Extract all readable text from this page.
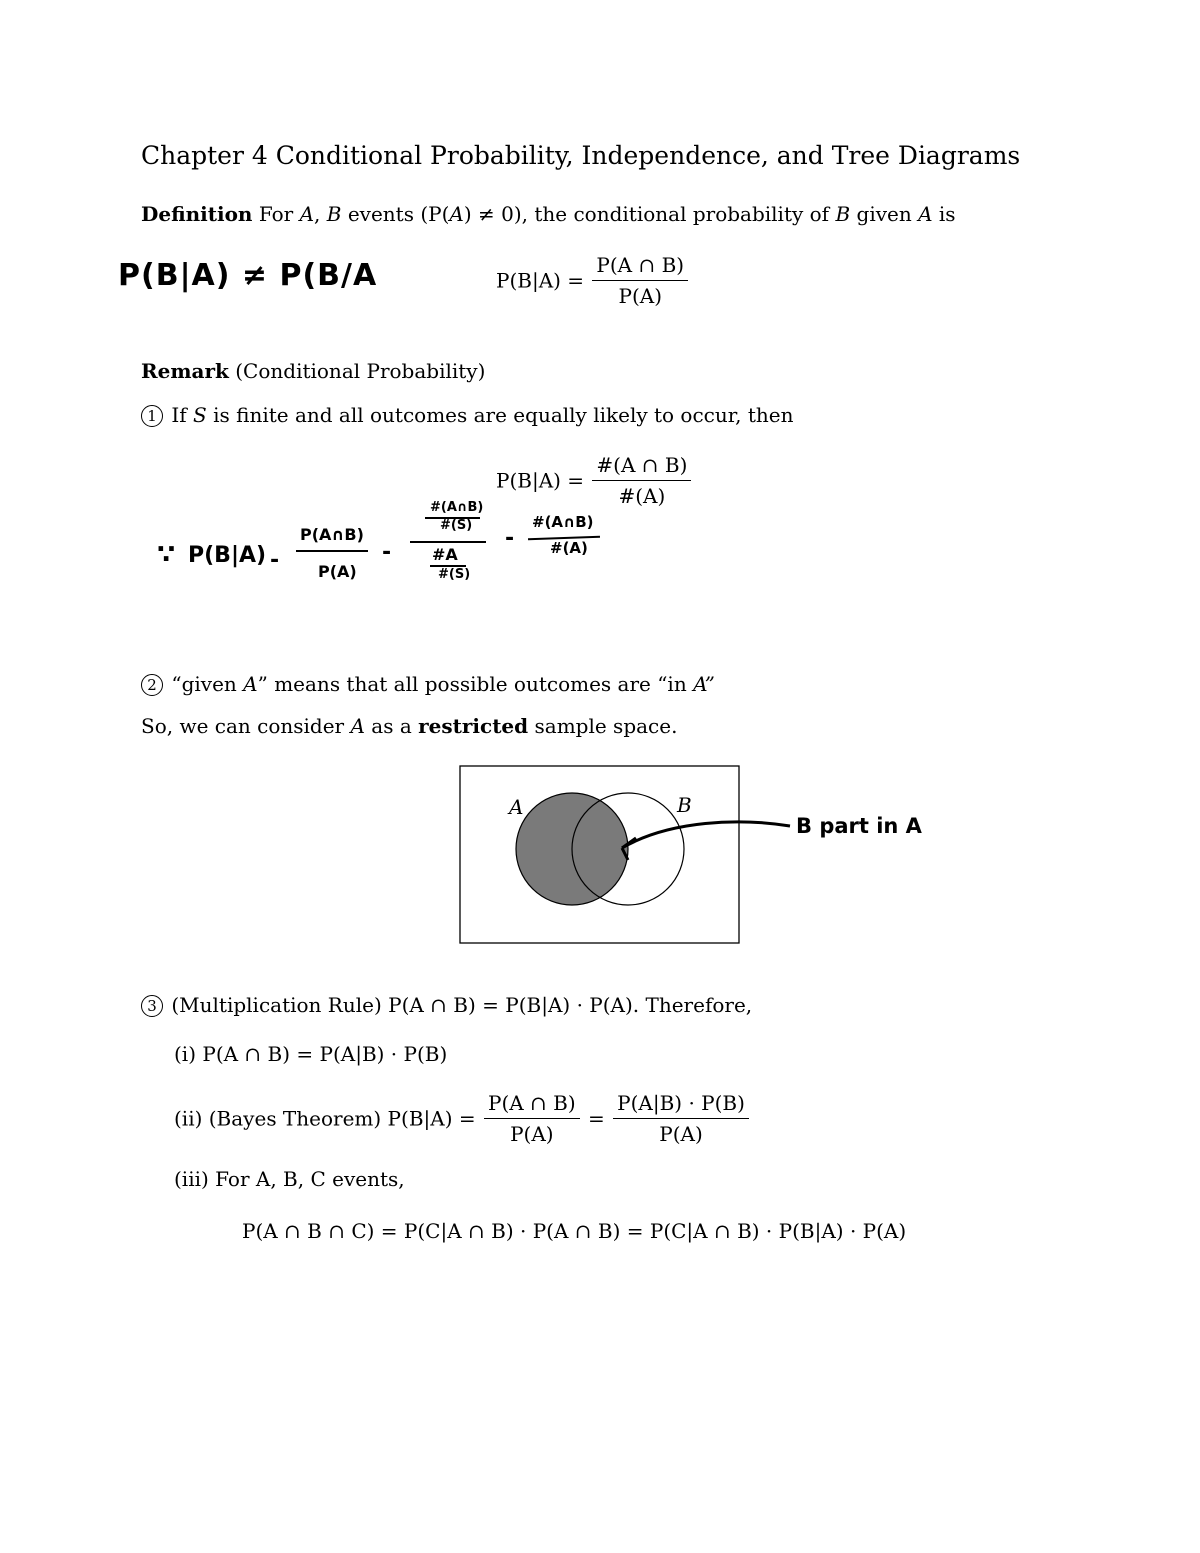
Chapter 4 Conditional Probability, Independence, and Tree Diagrams
Definition For A, B events (P(A) ≠ 0), the conditional probability of B given A is
P(B|A) ≠ P(B/A	$P(B|A) = \frac{P(A \cap B)}{P(A)}$
Remark (Conditional Probability)
1 If S is finite and all outcomes are equally likely to occur, then
$P(B|A) = \frac{\#(A \cap B)}{\#(A)}$
∵ P(B|A) -
P(A∩B)
P(A)
-
#(A∩B)
#(S)
#A
#(S)
-
#(A∩B)
#(A)
2 “given A” means that all possible outcomes are “in A”
So, we can consider A as a restricted sample space.
A	B
B part in A
3 (Multiplication Rule) P(A ∩ B) = P(B|A) · P(A). Therefore,
(i) P(A ∩ B) = P(A|B) · P(B)
(ii) (Bayes Theorem) $P(B|A) = \frac{P(A \cap B)}{P(A)} = \frac{P(A|B) \cdot P(B)}{P(A)}$
(iii) For A, B, C events,
P(A ∩ B ∩ C) = P(C|A ∩ B) · P(A ∩ B) = P(C|A ∩ B) · P(B|A) · P(A)
